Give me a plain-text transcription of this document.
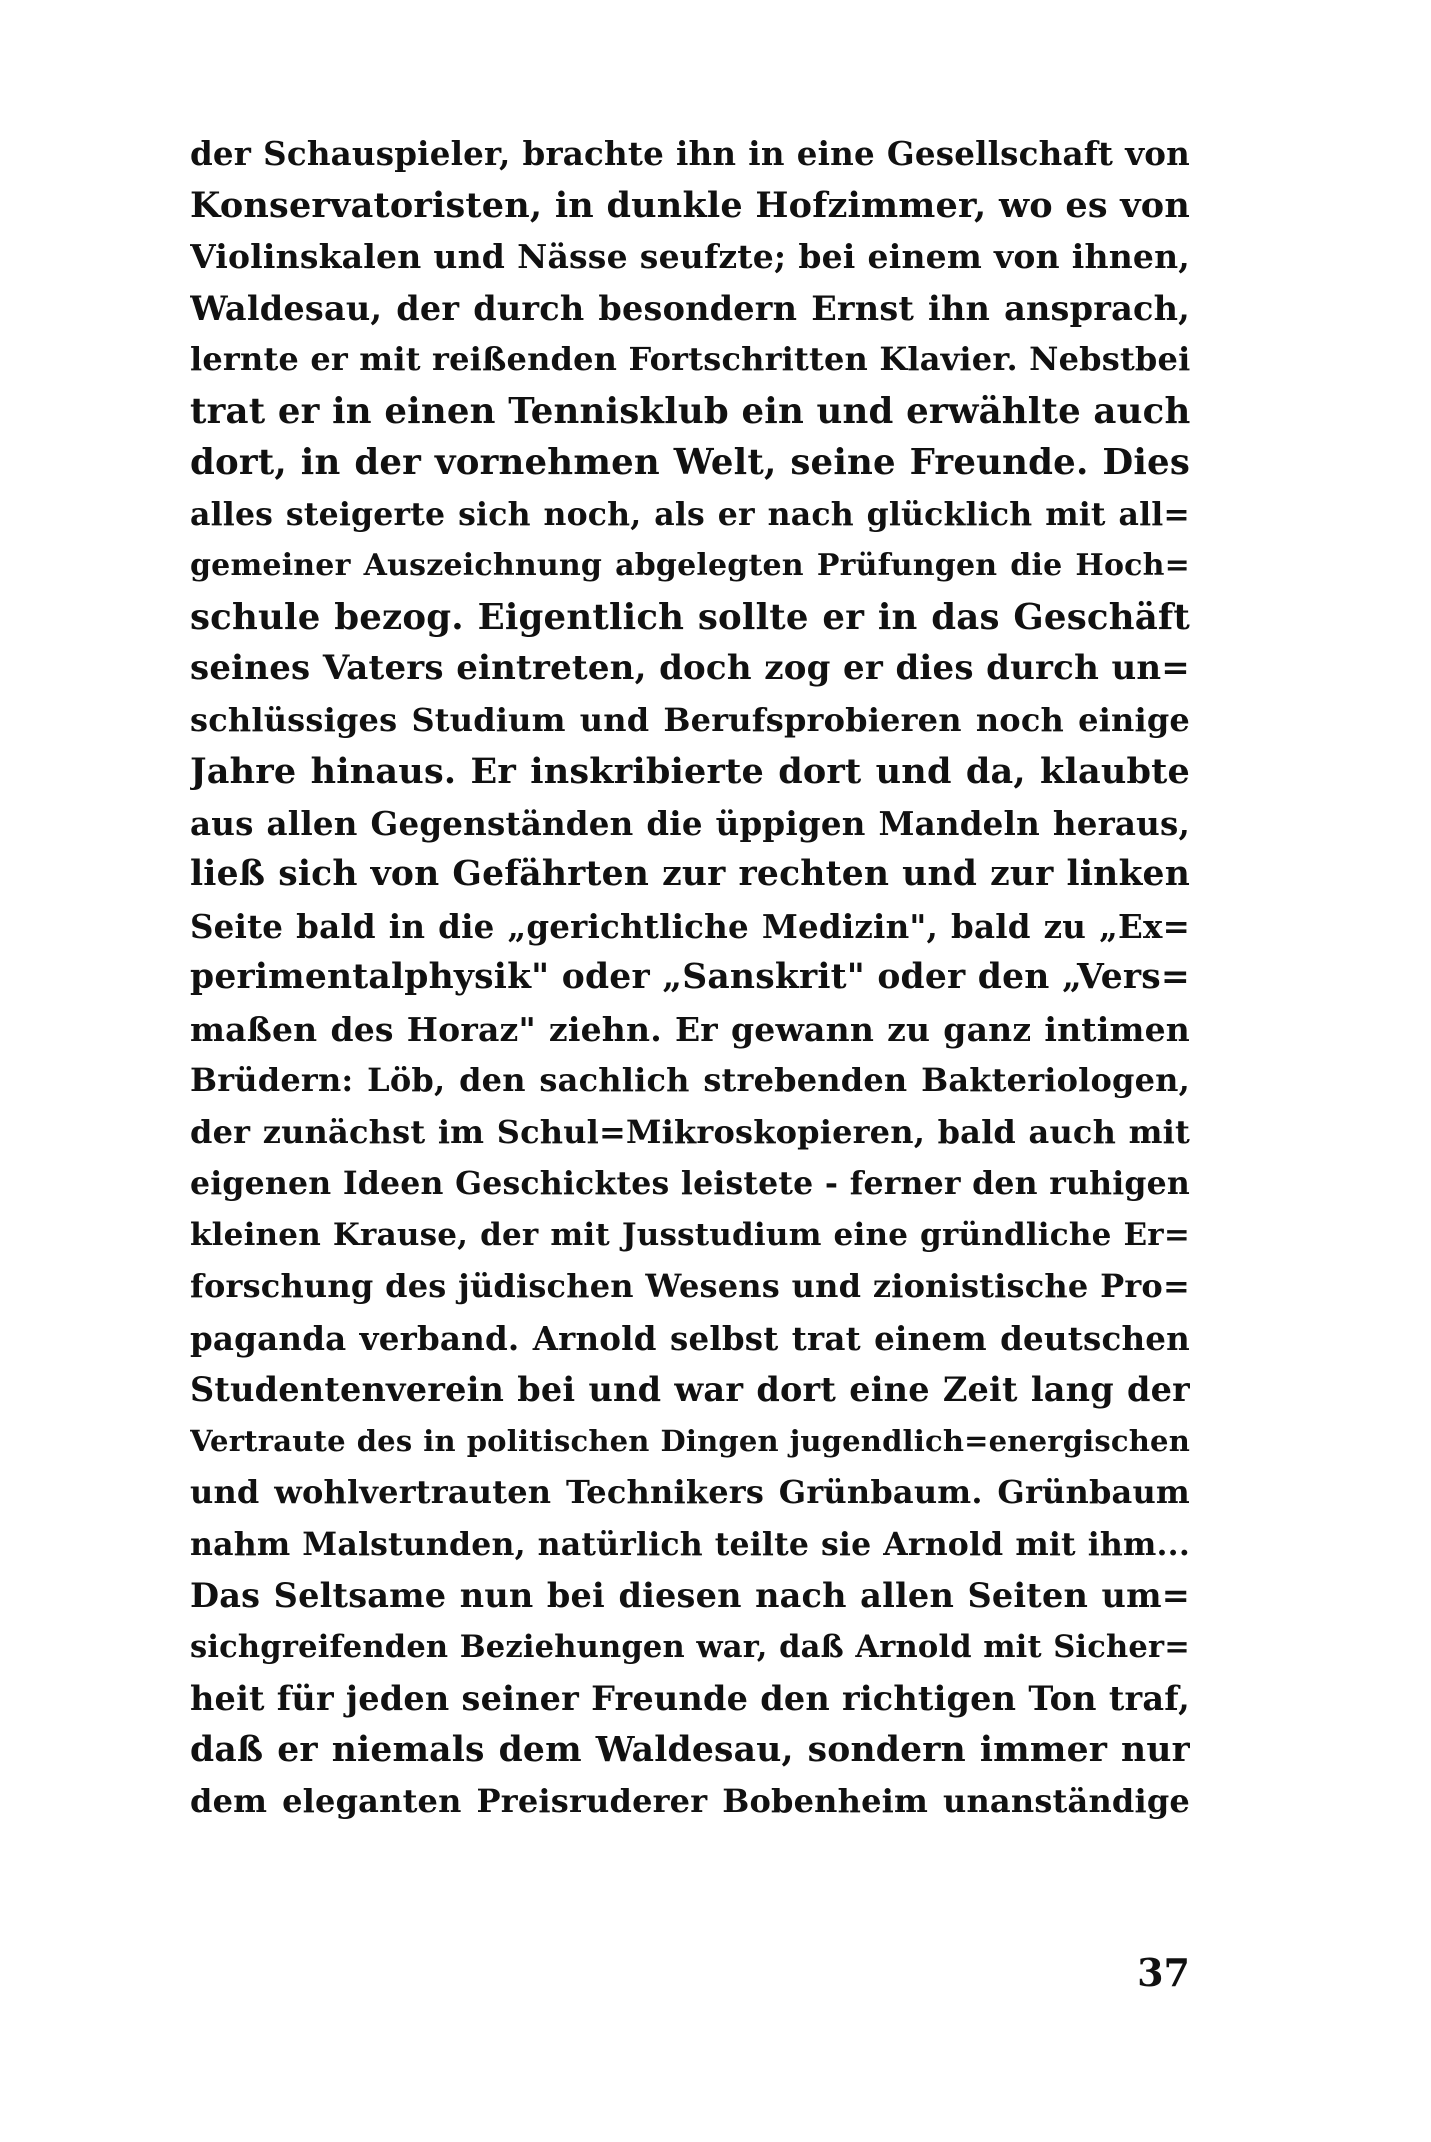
der Schauspieler, brachte ihn in eine Gesellschaft von
Konservatoristen, in dunkle Hofzimmer, wo es von
Violinskalen und Nässe seufzte; bei einem von ihnen,
Waldesau, der durch besondern Ernst ihn ansprach,
lernte er mit reißenden Fortschritten Klavier. Nebstbei
trat er in einen Tennisklub ein und erwählte auch
dort, in der vornehmen Welt, seine Freunde. Dies
alles steigerte sich noch, als er nach glücklich mit all=
gemeiner Auszeichnung abgelegten Prüfungen die Hoch=
schule bezog. Eigentlich sollte er in das Geschäft
seines Vaters eintreten, doch zog er dies durch un=
schlüssiges Studium und Berufsprobieren noch einige
Jahre hinaus. Er inskribierte dort und da, klaubte
aus allen Gegenständen die üppigen Mandeln heraus,
ließ sich von Gefährten zur rechten und zur linken
Seite bald in die „gerichtliche Medizin", bald zu „Ex=
perimentalphysik" oder „Sanskrit" oder den „Vers=
maßen des Horaz" ziehn. Er gewann zu ganz intimen
Brüdern: Löb, den sachlich strebenden Bakteriologen,
der zunächst im Schul=Mikroskopieren, bald auch mit
eigenen Ideen Geschicktes leistete - ferner den ruhigen
kleinen Krause, der mit Jusstudium eine gründliche Er=
forschung des jüdischen Wesens und zionistische Pro=
paganda verband. Arnold selbst trat einem deutschen
Studentenverein bei und war dort eine Zeit lang der
Vertraute des in politischen Dingen jugendlich=energischen
und wohlvertrauten Technikers Grünbaum. Grünbaum
nahm Malstunden, natürlich teilte sie Arnold mit ihm...
Das Seltsame nun bei diesen nach allen Seiten um=
sichgreifenden Beziehungen war, daß Arnold mit Sicher=
heit für jeden seiner Freunde den richtigen Ton traf,
daß er niemals dem Waldesau, sondern immer nur
dem eleganten Preisruderer Bobenheim unanständige
37
